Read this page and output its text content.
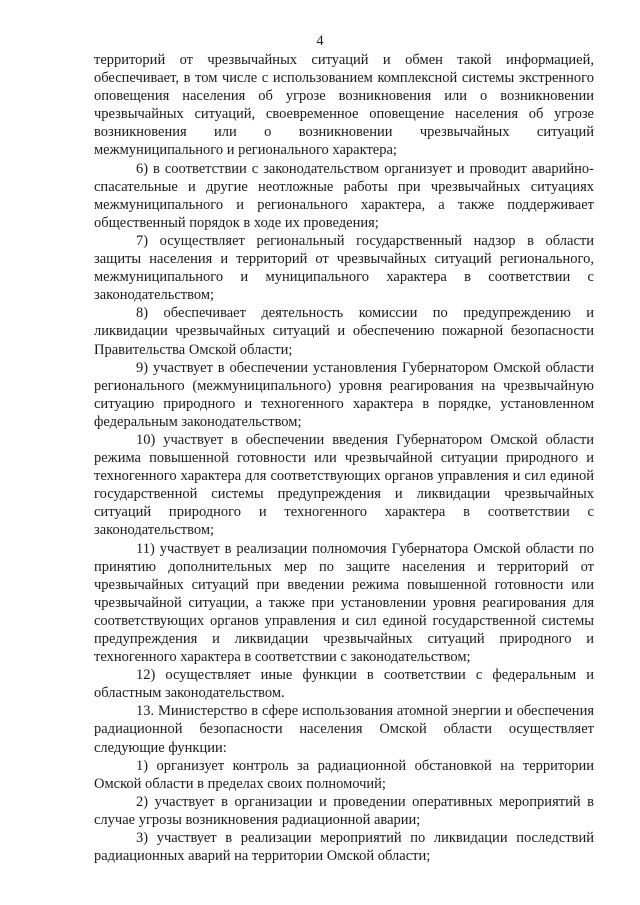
4

территорий от чрезвычайных ситуаций и обмен такой информацией, обеспечивает, в том числе с использованием комплексной системы экстренного оповещения населения об угрозе возникновения или о возникновении чрезвычайных ситуаций, своевременное оповещение населения об угрозе возникновения или о возникновении чрезвычайных ситуаций межмуниципального и регионального характера;

6) в соответствии с законодательством организует и проводит аварийно-спасательные и другие неотложные работы при чрезвычайных ситуациях межмуниципального и регионального характера, а также поддерживает общественный порядок в ходе их проведения;

7) осуществляет региональный государственный надзор в области защиты населения и территорий от чрезвычайных ситуаций регионального, межмуниципального и муниципального характера в соответствии с законодательством;

8) обеспечивает деятельность комиссии по предупреждению и ликвидации чрезвычайных ситуаций и обеспечению пожарной безопасности Правительства Омской области;

9) участвует в обеспечении установления Губернатором Омской области регионального (межмуниципального) уровня реагирования на чрезвычайную ситуацию природного и техногенного характера в порядке, установленном федеральным законодательством;

10) участвует в обеспечении введения Губернатором Омской области режима повышенной готовности или чрезвычайной ситуации природного и техногенного характера для соответствующих органов управления и сил единой государственной системы предупреждения и ликвидации чрезвычайных ситуаций природного и техногенного характера в соответствии с законодательством;

11) участвует в реализации полномочия Губернатора Омской области по принятию дополнительных мер по защите населения и территорий от чрезвычайных ситуаций при введении режима повышенной готовности или чрезвычайной ситуации, а также при установлении уровня реагирования для соответствующих органов управления и сил единой государственной системы предупреждения и ликвидации чрезвычайных ситуаций природного и техногенного характера в соответствии с законодательством;

12) осуществляет иные функции в соответствии с федеральным и областным законодательством.

13. Министерство в сфере использования атомной энергии и обеспечения радиационной безопасности населения Омской области осуществляет следующие функции:

1) организует контроль за радиационной обстановкой на территории Омской области в пределах своих полномочий;

2) участвует в организации и проведении оперативных мероприятий в случае угрозы возникновения радиационной аварии;

3) участвует в реализации мероприятий по ликвидации последствий радиационных аварий на территории Омской области;
